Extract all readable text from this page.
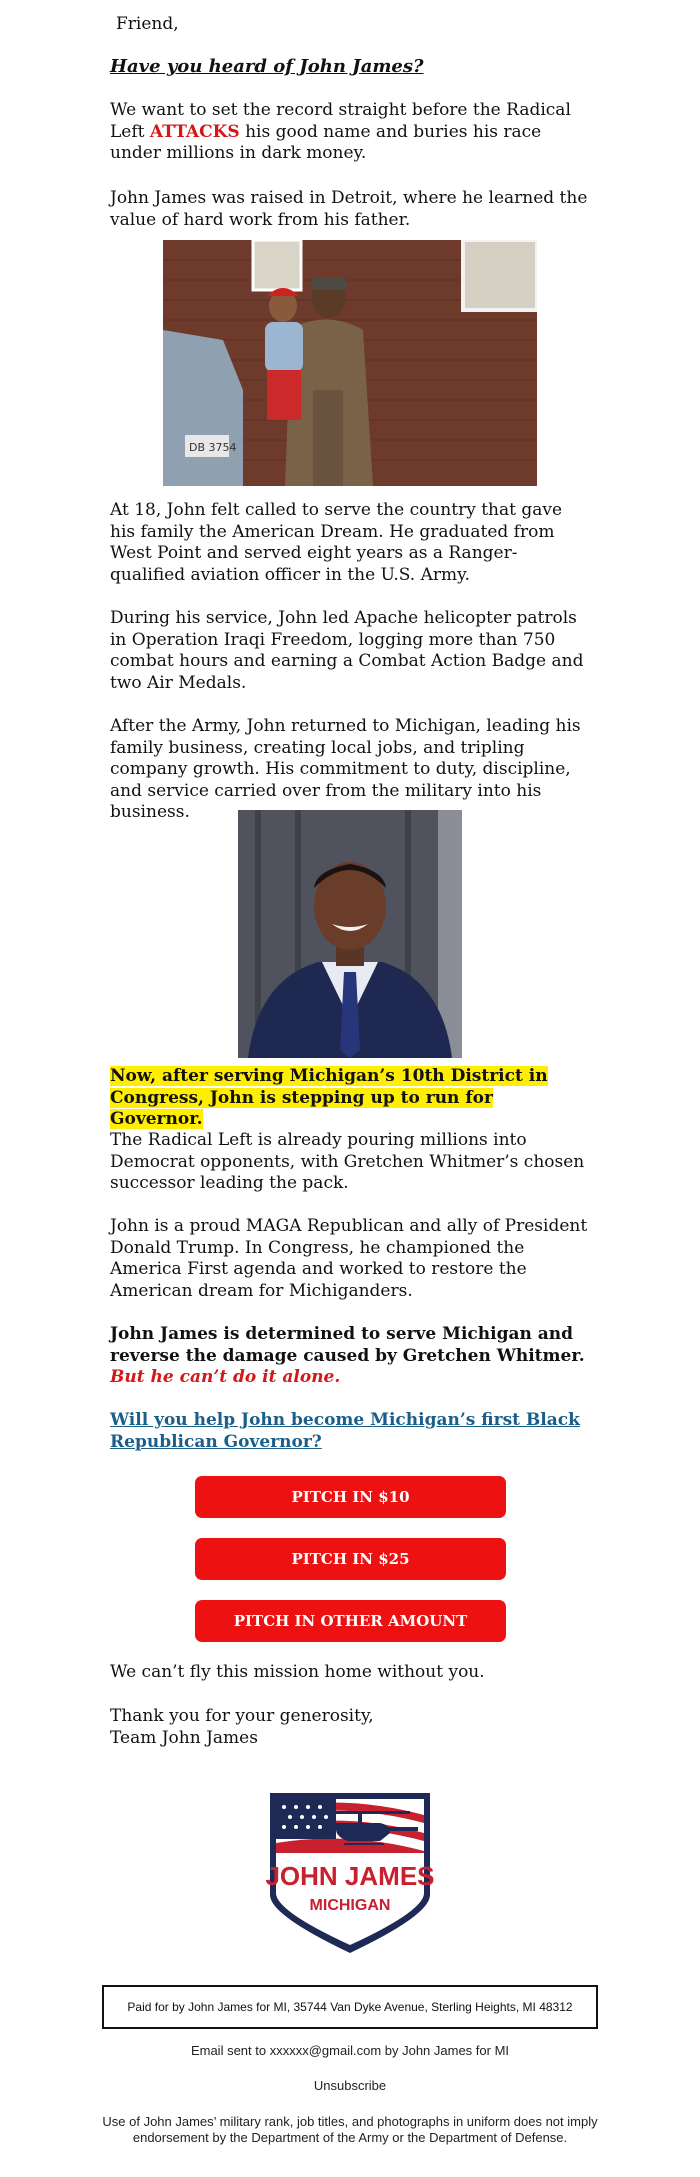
Friend,

Have you heard of John James?

We want to set the record straight before the Radical Left ATTACKS his good name and buries his race under millions in dark money.

John James was raised in Detroit, where he learned the value of hard work from his father.

DB 3754

At 18, John felt called to serve the country that gave his family the American Dream. He graduated from West Point and served eight years as a Ranger-qualified aviation officer in the U.S. Army.

During his service, John led Apache helicopter patrols in Operation Iraqi Freedom, logging more than 750 combat hours and earning a Combat Action Badge and two Air Medals.

After the Army, John returned to Michigan, leading his family business, creating local jobs, and tripling company growth. His commitment to duty, discipline, and service carried over from the military into his business.

Now, after serving Michigan’s 10th District in Congress, John is stepping up to run for Governor.

The Radical Left is already pouring millions into Democrat opponents, with Gretchen Whitmer’s chosen successor leading the pack.

John is a proud MAGA Republican and ally of President Donald Trump. In Congress, he championed the America First agenda and worked to restore the American dream for Michiganders.

John James is determined to serve Michigan and reverse the damage caused by Gretchen Whitmer. But he can’t do it alone.

Will you help John become Michigan’s first Black Republican Governor?

PITCH IN $10
PITCH IN $25
PITCH IN OTHER AMOUNT

We can’t fly this mission home without you.

Thank you for your generosity,

Team John James

JOHN JAMES
MICHIGAN
Paid for by John James for MI, 35744 Van Dyke Avenue, Sterling Heights, MI 48312
Email sent to xxxxxx@gmail.com by John James for MI
Unsubscribe
Use of John James’ military rank, job titles, and photographs in uniform does not imply endorsement by the Department of the Army or the Department of Defense.
